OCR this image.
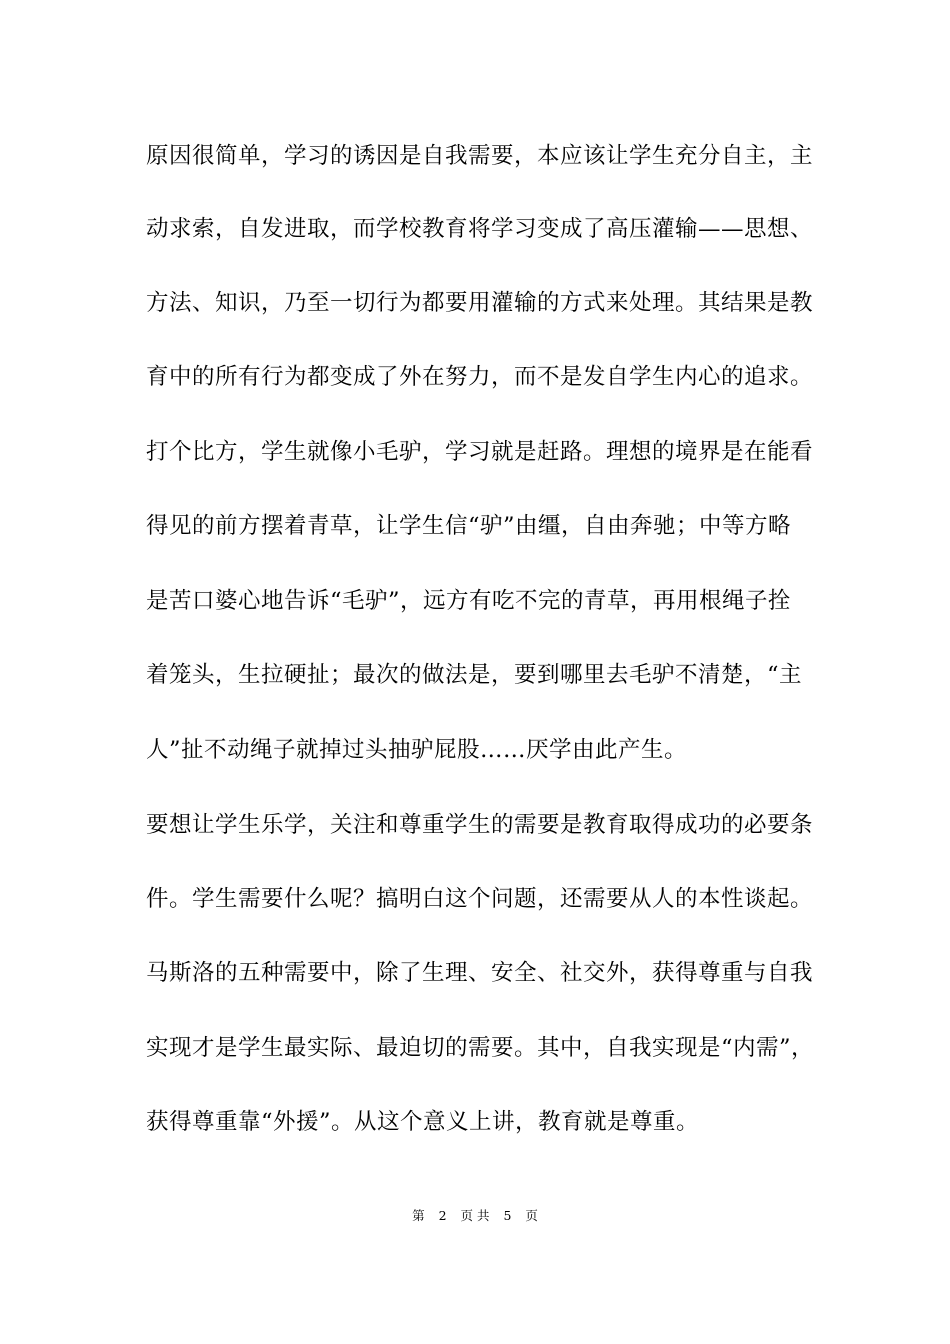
原因很简单，学习的诱因是自我需要，本应该让学生充分自主，主
动求索，自发进取，而学校教育将学习变成了高压灌输——思想、
方法、知识，乃至一切行为都要用灌输的方式来处理。其结果是教
育中的所有行为都变成了外在努力，而不是发自学生内心的追求。
打个比方，学生就像小毛驴，学习就是赶路。理想的境界是在能看
得见的前方摆着青草，让学生信“驴”由缰，自由奔驰；中等方略
是苦口婆心地告诉“毛驴”，远方有吃不完的青草，再用根绳子拴
着笼头，生拉硬扯；最次的做法是，要到哪里去毛驴不清楚，“主
人”扯不动绳子就掉过头抽驴屁股……厌学由此产生。
要想让学生乐学，关注和尊重学生的需要是教育取得成功的必要条
件。学生需要什么呢？搞明白这个问题，还需要从人的本性谈起。
马斯洛的五种需要中，除了生理、安全、社交外，获得尊重与自我
实现才是学生最实际、最迫切的需要。其中，自我实现是“内需”，
获得尊重靠“外援”。从这个意义上讲，教育就是尊重。
第 2 页 共 5 页
